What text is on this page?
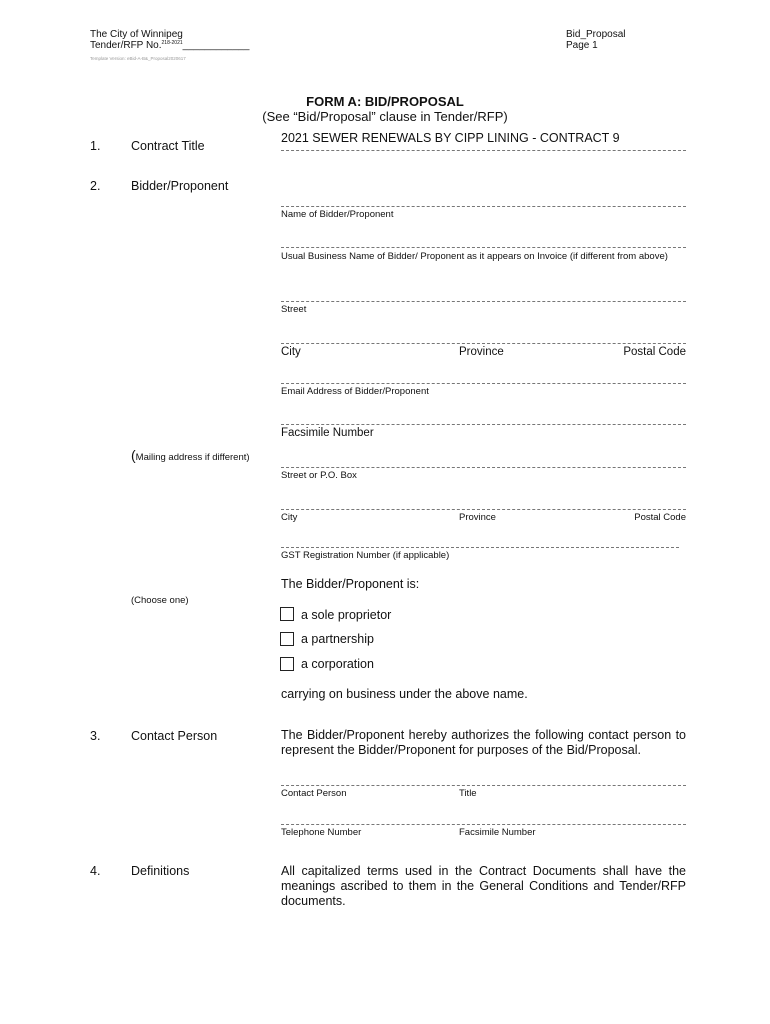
The City of Winnipeg
Tender/RFP No.$^{218-2021}$____________
Template Version: eBid-A-B&_Proposal2020617
Bid_Proposal
Page 1
FORM A: BID/PROPOSAL
(See “Bid/Proposal” clause in Tender/RFP)
1. Contract Title
2021 SEWER RENEWALS BY CIPP LINING - CONTRACT 9
2. Bidder/Proponent
Name of Bidder/Proponent
Usual Business Name of Bidder/ Proponent as it appears on Invoice (if different from above)
Street
City	Province	Postal Code
Email Address of Bidder/Proponent
Facsimile Number
(Mailing address if different)
Street or P.O. Box
City	Province	Postal Code
GST Registration Number (if applicable)
The Bidder/Proponent is:
(Choose one)
a sole proprietor
a partnership
a corporation
carrying on business under the above name.
3. Contact Person	The Bidder/Proponent hereby authorizes the following contact person to represent the Bidder/Proponent for purposes of the Bid/Proposal.
Contact Person	Title
Telephone Number	Facsimile Number
4. Definitions	All capitalized terms used in the Contract Documents shall have the meanings ascribed to them in the General Conditions and Tender/RFP documents.
